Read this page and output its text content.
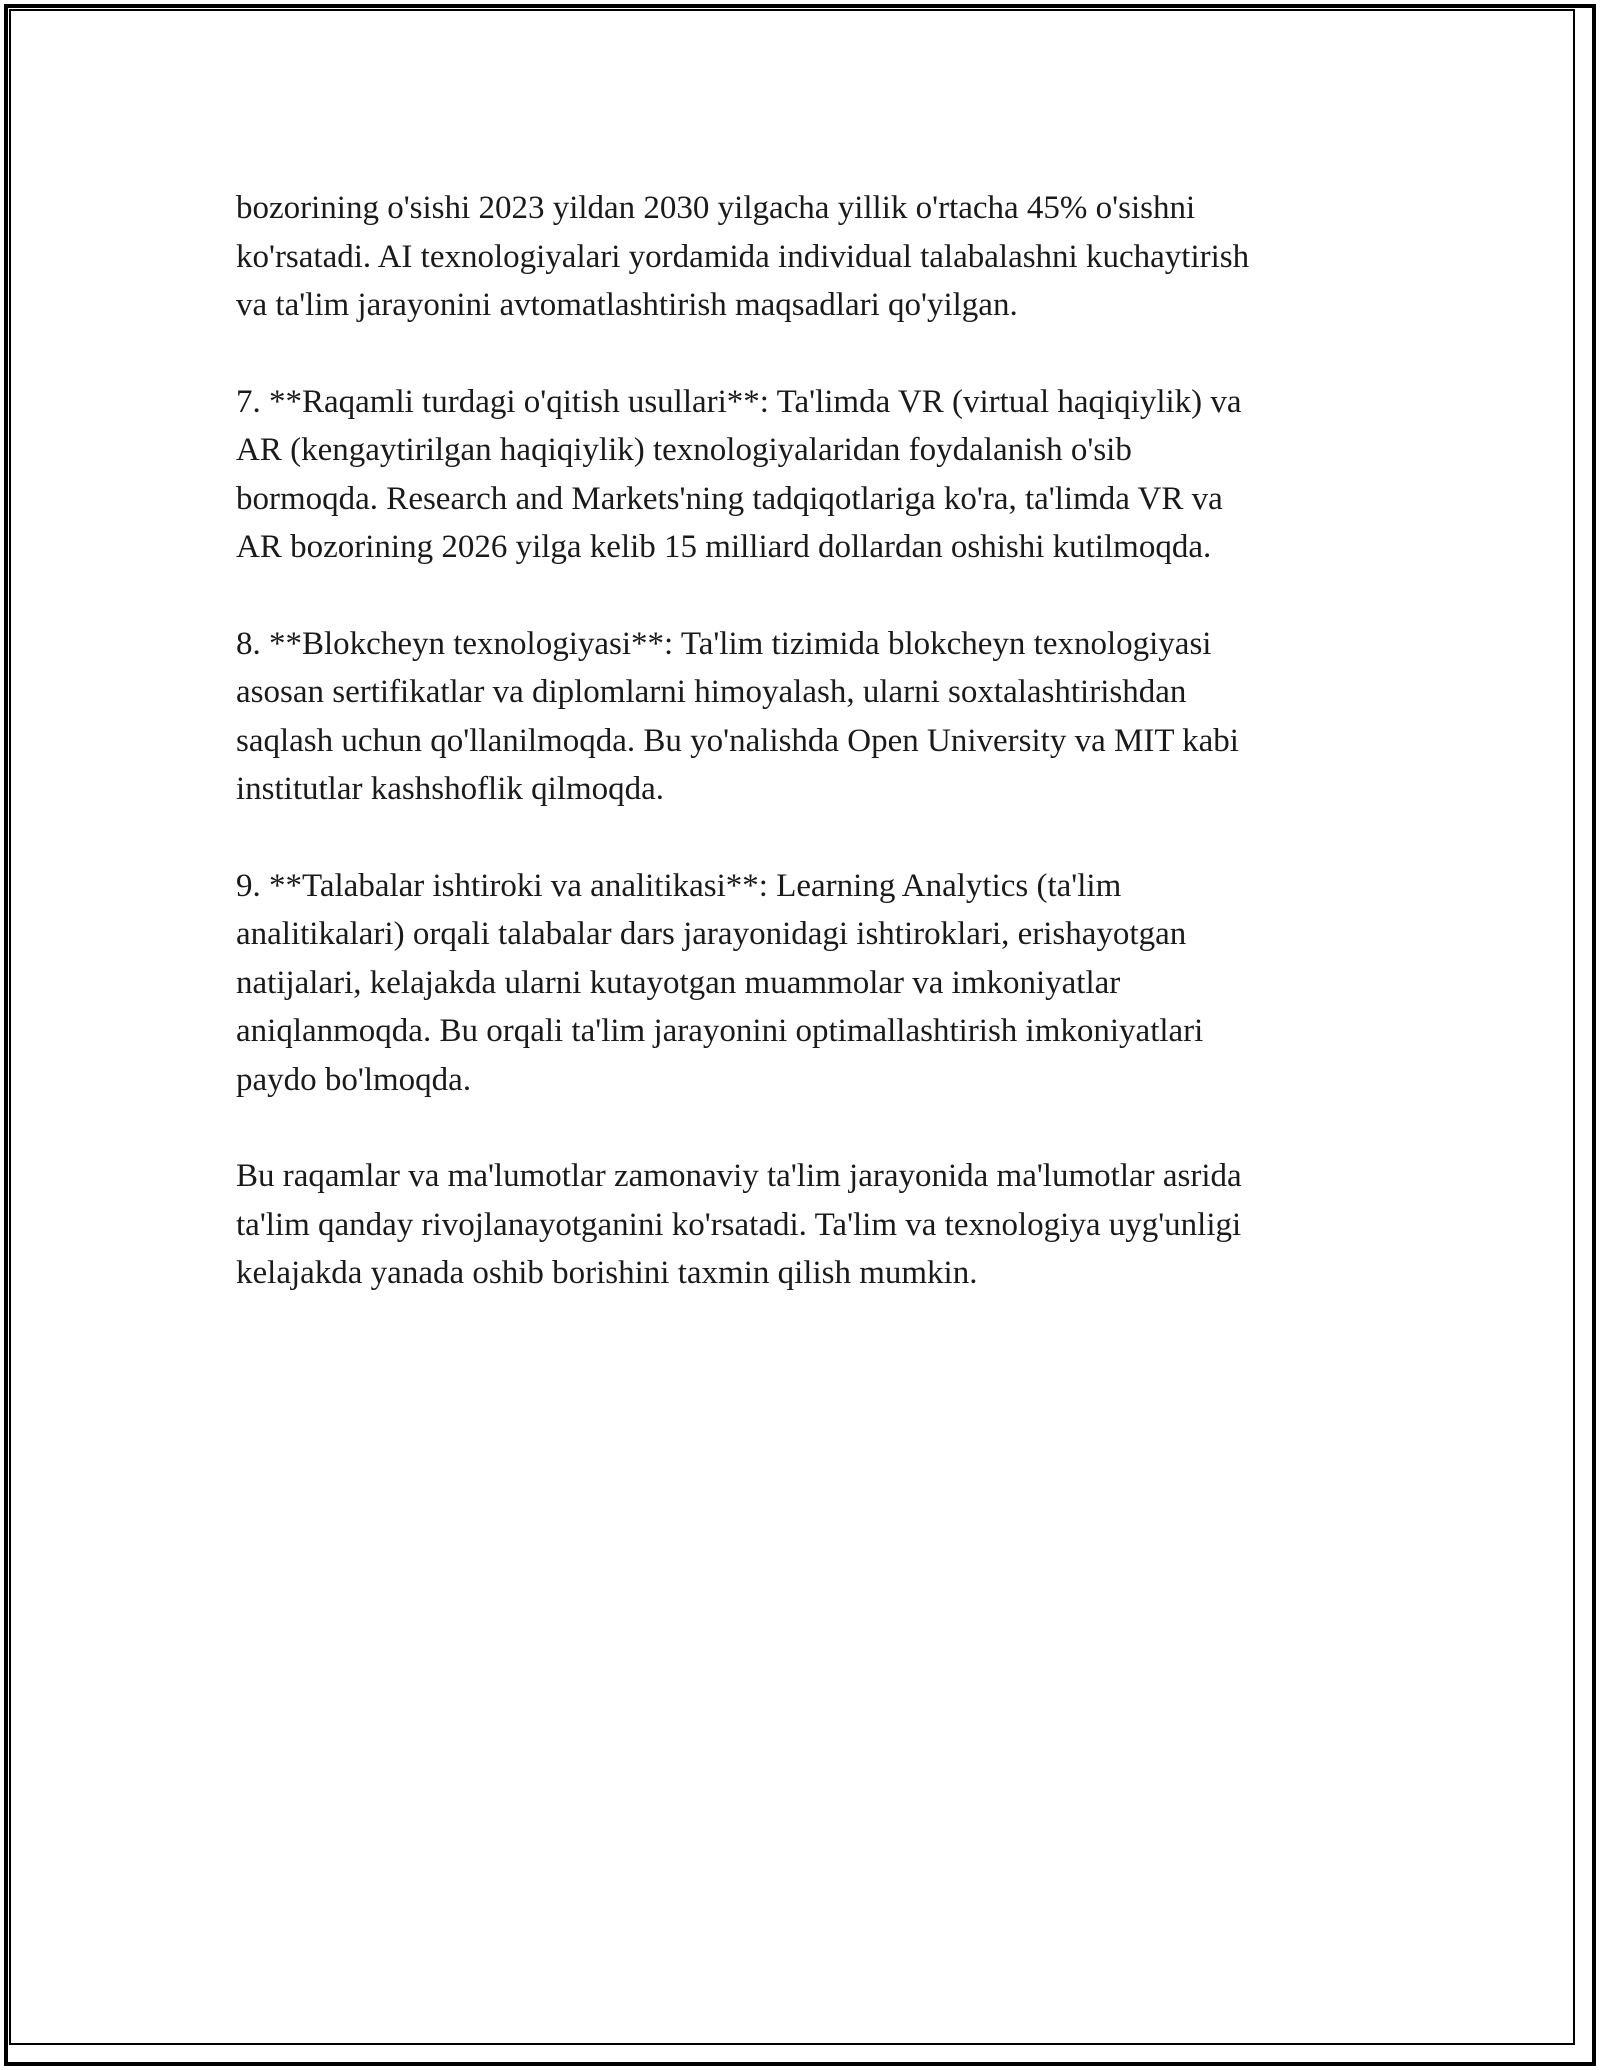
bozorining o'sishi 2023 yildan 2030 yilgacha yillik o'rtacha 45% o'sishni
ko'rsatadi. AI texnologiyalari yordamida individual talabalashni kuchaytirish
va ta'lim jarayonini avtomatlashtirish maqsadlari qo'yilgan.

7. **Raqamli turdagi o'qitish usullari**: Ta'limda VR (virtual haqiqiylik) va
AR (kengaytirilgan haqiqiylik) texnologiyalaridan foydalanish o'sib
bormoqda. Research and Markets'ning tadqiqotlariga ko'ra, ta'limda VR va
AR bozorining 2026 yilga kelib 15 milliard dollardan oshishi kutilmoqda.

8. **Blokcheyn texnologiyasi**: Ta'lim tizimida blokcheyn texnologiyasi
asosan sertifikatlar va diplomlarni himoyalash, ularni soxtalashtirishdan
saqlash uchun qo'llanilmoqda. Bu yo'nalishda Open University va MIT kabi
institutlar kashshoflik qilmoqda.

9. **Talabalar ishtiroki va analitikasi**: Learning Analytics (ta'lim
analitikalari) orqali talabalar dars jarayonidagi ishtiroklari, erishayotgan
natijalari, kelajakda ularni kutayotgan muammolar va imkoniyatlar
aniqlanmoqda. Bu orqali ta'lim jarayonini optimallashtirish imkoniyatlari
paydo bo'lmoqda.

Bu raqamlar va ma'lumotlar zamonaviy ta'lim jarayonida ma'lumotlar asrida
ta'lim qanday rivojlanayotganini ko'rsatadi. Ta'lim va texnologiya uyg'unligi
kelajakda yanada oshib borishini taxmin qilish mumkin.
